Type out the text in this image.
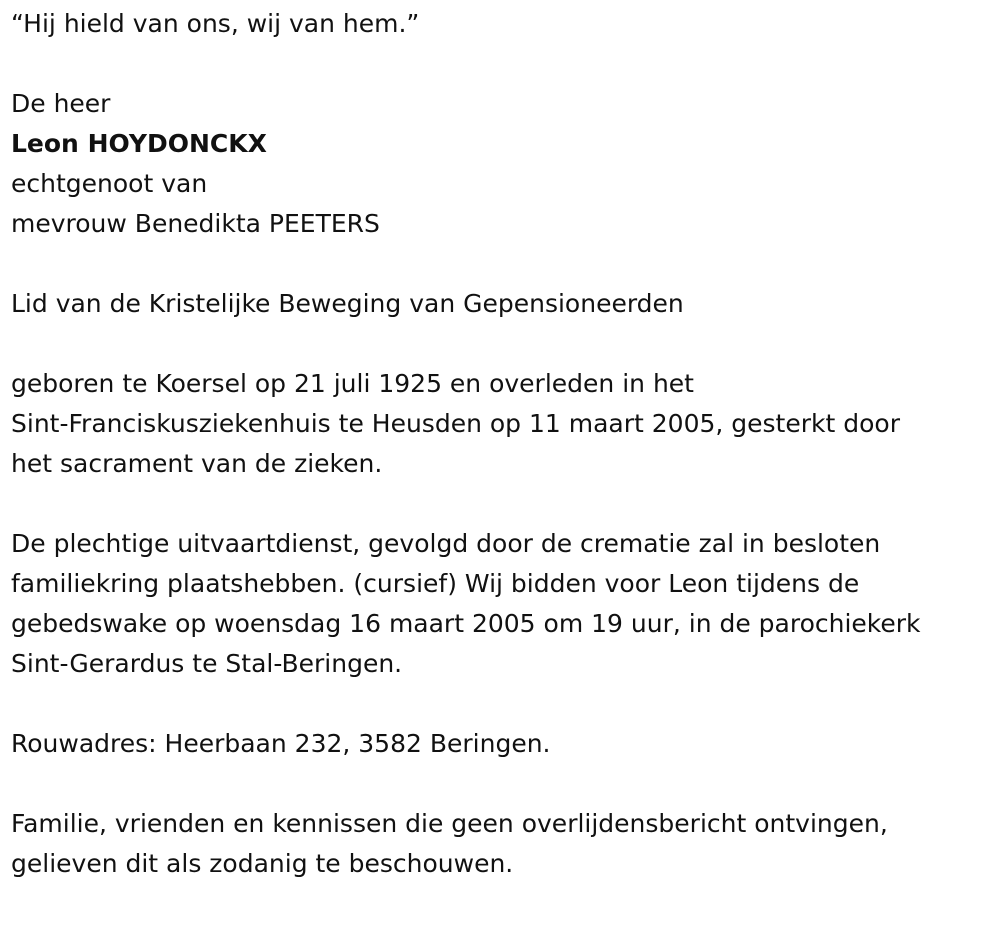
“Hij hield van ons, wij van hem.”
De heer
Leon HOYDONCKX
echtgenoot van
mevrouw Benedikta PEETERS
Lid van de Kristelijke Beweging van Gepensioneerden
geboren te Koersel op 21 juli 1925 en overleden in het
Sint-Franciskusziekenhuis te Heusden op 11 maart 2005, gesterkt door
het sacrament van de zieken.
De plechtige uitvaartdienst, gevolgd door de crematie zal in besloten
familiekring plaatshebben. (cursief) Wij bidden voor Leon tijdens de
gebedswake op woensdag 16 maart 2005 om 19 uur, in de parochiekerk
Sint-Gerardus te Stal-Beringen.
Rouwadres: Heerbaan 232, 3582 Beringen.
Familie, vrienden en kennissen die geen overlijdensbericht ontvingen,
gelieven dit als zodanig te beschouwen.
